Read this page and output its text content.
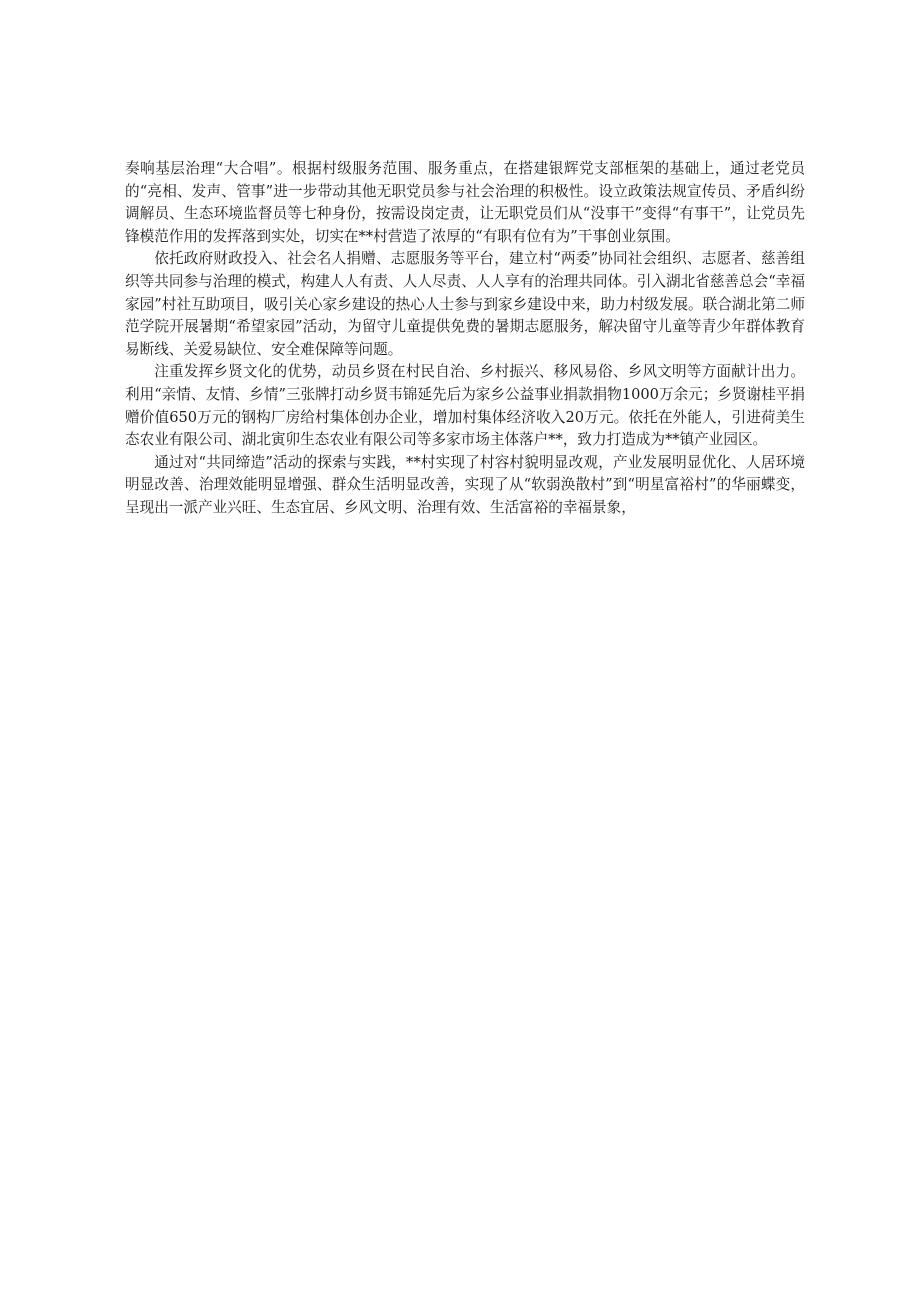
奏响基层治理“大合唱”。根据村级服务范围、服务重点，在搭建银辉党支部框架的基础上，通过老党员的“亮相、发声、管事”进一步带动其他无职党员参与社会治理的积极性。设立政策法规宣传员、矛盾纠纷调解员、生态环境监督员等七种身份，按需设岗定责，让无职党员们从“没事干”变得“有事干”，让党员先锋模范作用的发挥落到实处，切实在**村营造了浓厚的“有职有位有为”干事创业氛围。

依托政府财政投入、社会名人捐赠、志愿服务等平台，建立村“两委”协同社会组织、志愿者、慈善组织等共同参与治理的模式，构建人人有责、人人尽责、人人享有的治理共同体。引入湖北省慈善总会“幸福家园”村社互助项目，吸引关心家乡建设的热心人士参与到家乡建设中来，助力村级发展。联合湖北第二师范学院开展暑期“希望家园”活动，为留守儿童提供免费的暑期志愿服务，解决留守儿童等青少年群体教育易断线、关爱易缺位、安全难保障等问题。

注重发挥乡贤文化的优势，动员乡贤在村民自治、乡村振兴、移风易俗、乡风文明等方面献计出力。利用“亲情、友情、乡情”三张牌打动乡贤韦锦延先后为家乡公益事业捐款捐物1000万余元；乡贤谢桂平捐赠价值650万元的钢构厂房给村集体创办企业，增加村集体经济收入20万元。依托在外能人，引进荷美生态农业有限公司、湖北寅卯生态农业有限公司等多家市场主体落户**，致力打造成为**镇产业园区。

通过对“共同缔造”活动的探索与实践，**村实现了村容村貌明显改观，产业发展明显优化、人居环境明显改善、治理效能明显增强、群众生活明显改善，实现了从“软弱涣散村”到“明星富裕村”的华丽蝶变，呈现出一派产业兴旺、生态宜居、乡风文明、治理有效、生活富裕的幸福景象，
